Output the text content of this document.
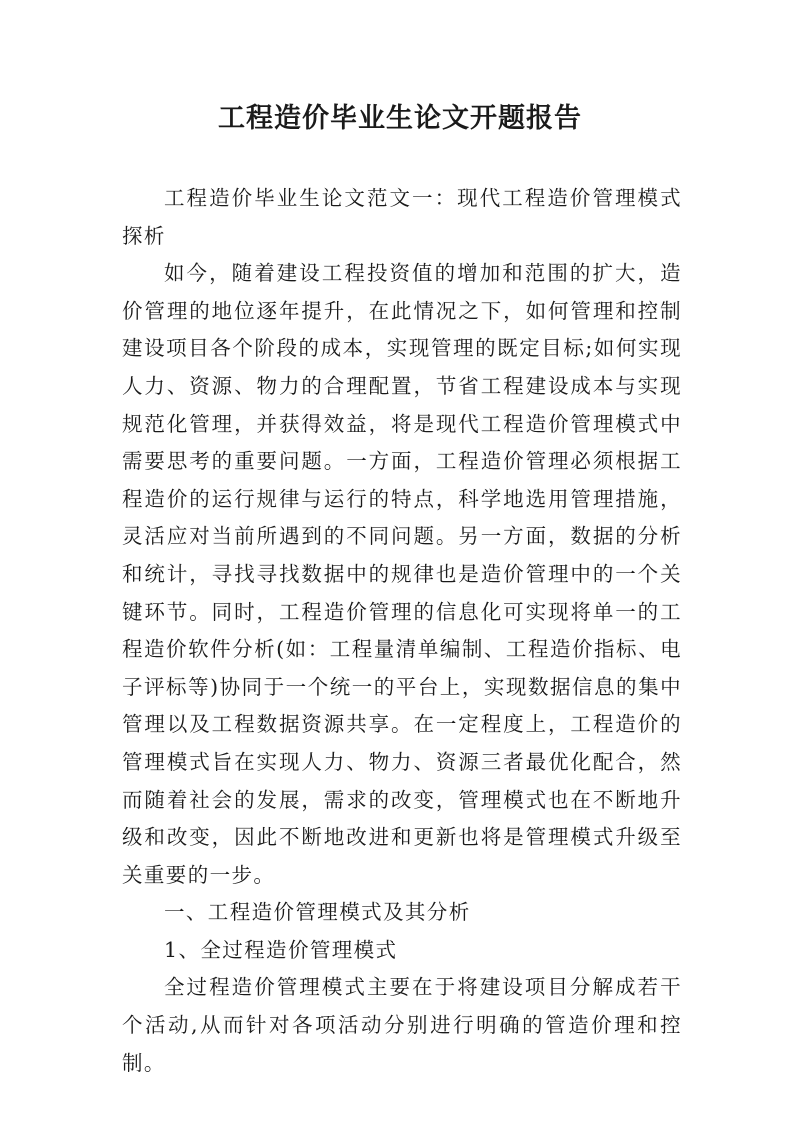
工程造价毕业生论文开题报告

工程造价毕业生论文范文一：现代工程造价管理模式探析

如今，随着建设工程投资值的增加和范围的扩大，造价管理的地位逐年提升，在此情况之下，如何管理和控制建设项目各个阶段的成本，实现管理的既定目标;如何实现人力、资源、物力的合理配置，节省工程建设成本与实现规范化管理，并获得效益，将是现代工程造价管理模式中需要思考的重要问题。一方面，工程造价管理必须根据工程造价的运行规律与运行的特点，科学地选用管理措施，灵活应对当前所遇到的不同问题。另一方面，数据的分析和统计，寻找寻找数据中的规律也是造价管理中的一个关键环节。同时，工程造价管理的信息化可实现将单一的工程造价软件分析(如：工程量清单编制、工程造价指标、电子评标等)协同于一个统一的平台上，实现数据信息的集中管理以及工程数据资源共享。在一定程度上，工程造价的管理模式旨在实现人力、物力、资源三者最优化配合，然而随着社会的发展，需求的改变，管理模式也在不断地升级和改变，因此不断地改进和更新也将是管理模式升级至关重要的一步。

一、工程造价管理模式及其分析

1、全过程造价管理模式

全过程造价管理模式主要在于将建设项目分解成若干个活动,从而针对各项活动分别进行明确的管造价理和控制。
